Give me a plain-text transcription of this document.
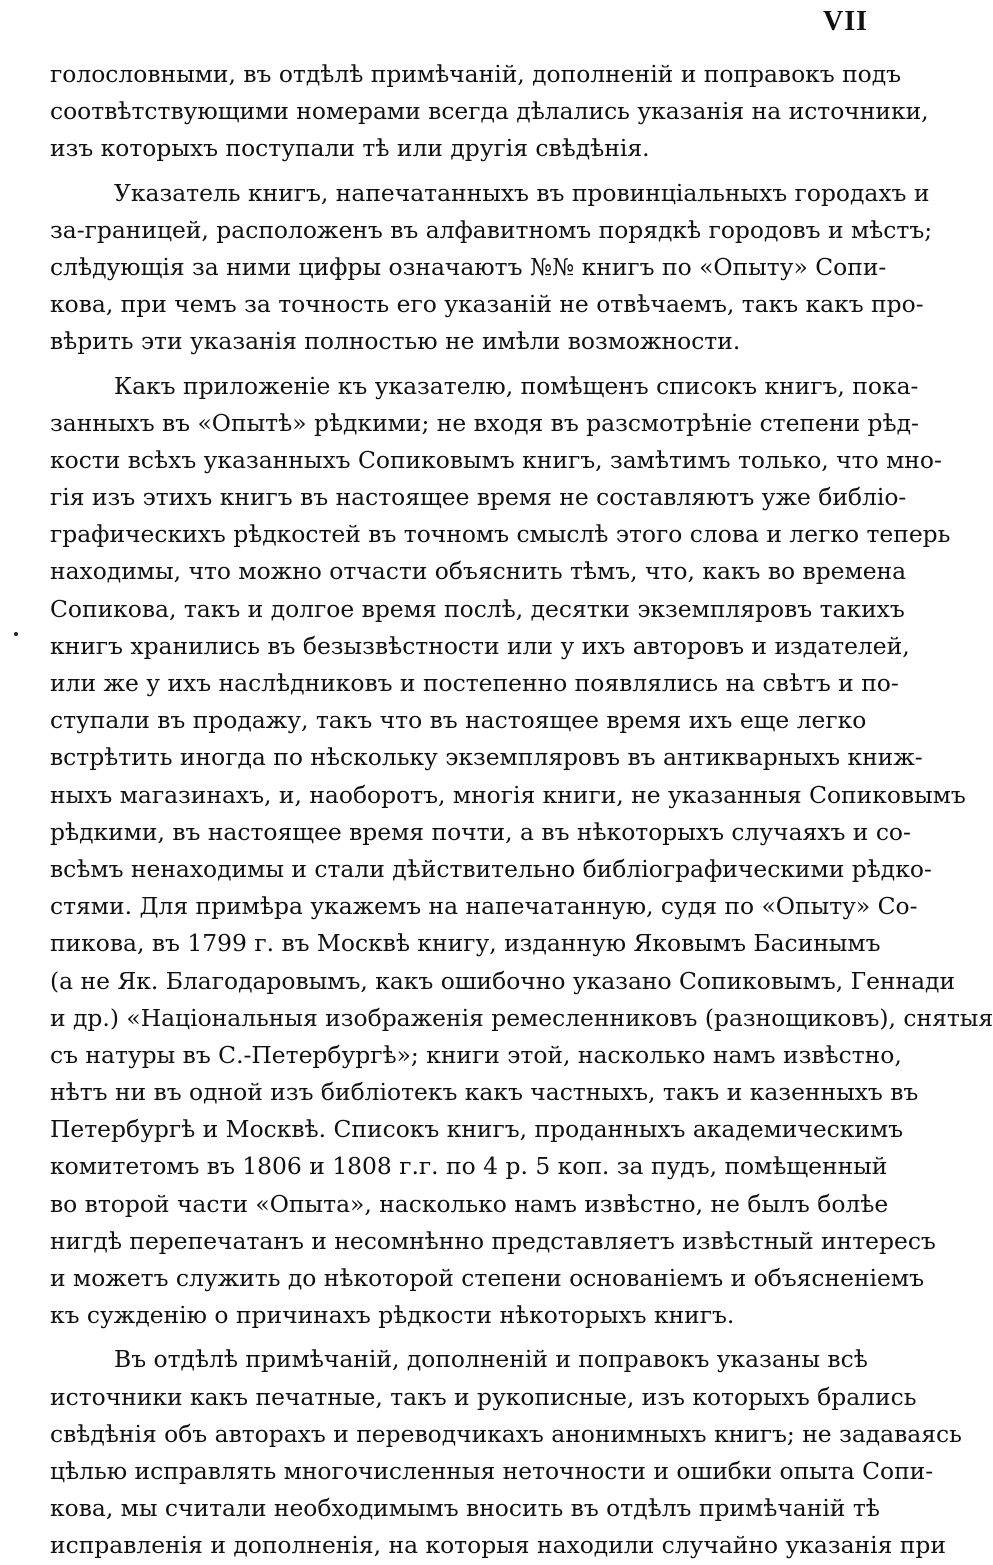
VII
голословными, въ отдѣлѣ примѣчаній, дополненій и поправокъ подъ
соотвѣтствующими номерами всегда дѣлались указанія на источники,
изъ которыхъ поступали тѣ или другія свѣдѣнія.
Указатель книгъ, напечатанныхъ въ провинціальныхъ городахъ и
за-границей, расположенъ въ алфавитномъ порядкѣ городовъ и мѣстъ;
слѣдующія за ними цифры означаютъ №№ книгъ по «Опыту» Сопи-
кова, при чемъ за точность его указаній не отвѣчаемъ, такъ какъ про-
вѣрить эти указанія полностью не имѣли возможности.
Какъ приложеніе къ указателю, помѣщенъ списокъ книгъ, пока-
занныхъ въ «Опытѣ» рѣдкими; не входя въ разсмотрѣніе степени рѣд-
кости всѣхъ указанныхъ Сопиковымъ книгъ, замѣтимъ только, что мно-
гія изъ этихъ книгъ въ настоящее время не составляютъ уже библіо-
графическихъ рѣдкостей въ точномъ смыслѣ этого слова и легко теперь
находимы, что можно отчасти объяснить тѣмъ, что, какъ во времена
Сопикова, такъ и долгое время послѣ, десятки экземпляровъ такихъ
книгъ хранились въ безызвѣстности или у ихъ авторовъ и издателей,
или же у ихъ наслѣдниковъ и постепенно появлялись на свѣтъ и по-
ступали въ продажу, такъ что въ настоящее время ихъ еще легко
встрѣтить иногда по нѣскольку экземпляровъ въ антикварныхъ книж-
ныхъ магазинахъ, и, наоборотъ, многія книги, не указанныя Сопиковымъ
рѣдкими, въ настоящее время почти, а въ нѣкоторыхъ случаяхъ и со-
всѣмъ ненаходимы и стали дѣйствительно библіографическими рѣдко-
стями. Для примѣра укажемъ на напечатанную, судя по «Опыту» Со-
пикова, въ 1799 г. въ Москвѣ книгу, изданную Яковымъ Басинымъ
(а не Як. Благодаровымъ, какъ ошибочно указано Сопиковымъ, Геннади
и др.) «Національныя изображенія ремесленниковъ (разнощиковъ), снятыя
съ натуры въ С.-Петербургѣ»; книги этой, насколько намъ извѣстно,
нѣтъ ни въ одной изъ библіотекъ какъ частныхъ, такъ и казенныхъ въ
Петербургѣ и Москвѣ. Списокъ книгъ, проданныхъ академическимъ
комитетомъ въ 1806 и 1808 г.г. по 4 р. 5 коп. за пудъ, помѣщенный
во второй части «Опыта», насколько намъ извѣстно, не былъ болѣе
нигдѣ перепечатанъ и несомнѣнно представляетъ извѣстный интересъ
и можетъ служить до нѣкоторой степени основаніемъ и объясненіемъ
къ сужденію о причинахъ рѣдкости нѣкоторыхъ книгъ.
Въ отдѣлѣ примѣчаній, дополненій и поправокъ указаны всѣ
источники какъ печатные, такъ и рукописные, изъ которыхъ брались
свѣдѣнія объ авторахъ и переводчикахъ анонимныхъ книгъ; не задаваясь
цѣлью исправлять многочисленныя неточности и ошибки опыта Сопи-
кова, мы считали необходимымъ вносить въ отдѣлъ примѣчаній тѣ
исправленія и дополненія, на которыя находили случайно указанія при
